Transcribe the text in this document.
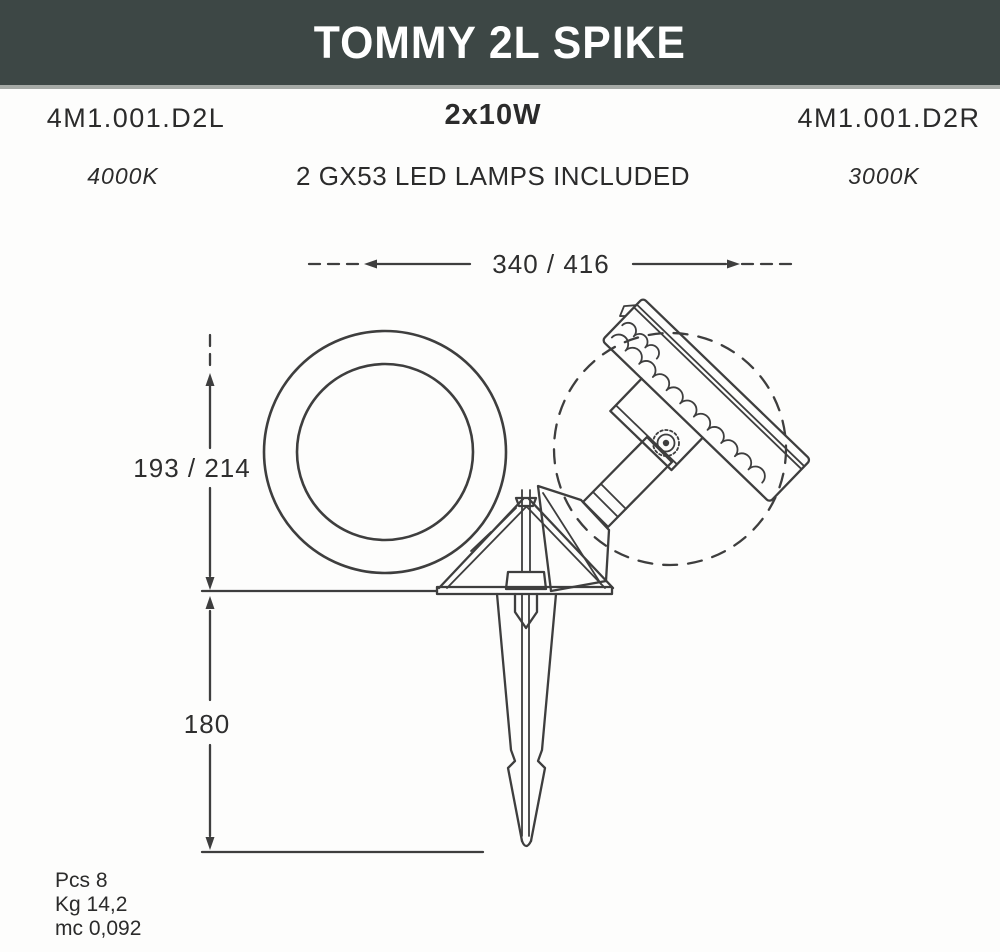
TOMMY 2L SPIKE
4M1.001.D2L	2x10W	4M1.001.D2R
4000K	2 GX53 LED LAMPS INCLUDED	3000K
340 / 416
193 / 214
180
Pcs 8
Kg 14,2
mc 0,092
